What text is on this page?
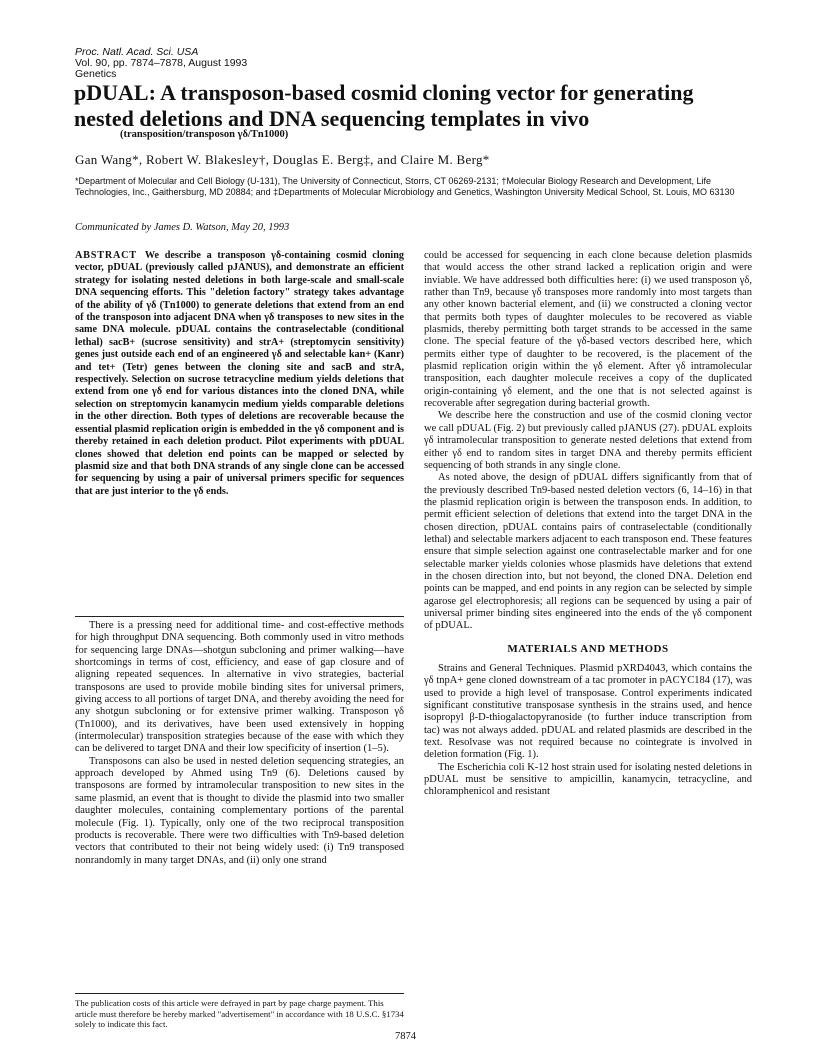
Proc. Natl. Acad. Sci. USA
Vol. 90, pp. 7874–7878, August 1993
Genetics
pDUAL: A transposon-based cosmid cloning vector for generating nested deletions and DNA sequencing templates in vivo
(transposition/transposon γδ/Tn1000)
Gan Wang*, Robert W. Blakesley†, Douglas E. Berg‡, and Claire M. Berg*
*Department of Molecular and Cell Biology (U-131), The University of Connecticut, Storrs, CT 06269-2131; †Molecular Biology Research and Development, Life Technologies, Inc., Gaithersburg, MD 20884; and ‡Departments of Molecular Microbiology and Genetics, Washington University Medical School, St. Louis, MO 63130
Communicated by James D. Watson, May 20, 1993

ABSTRACT We describe a transposon γδ-containing cosmid cloning vector, pDUAL (previously called pJANUS), and demonstrate an efficient strategy for isolating nested deletions in both large-scale and small-scale DNA sequencing efforts. This "deletion factory" strategy takes advantage of the ability of γδ (Tn1000) to generate deletions that extend from an end of the transposon into adjacent DNA when γδ transposes to new sites in the same DNA molecule. pDUAL contains the contraselectable (conditional lethal) sacB+ (sucrose sensitivity) and strA+ (streptomycin sensitivity) genes just outside each end of an engineered γδ and selectable kan+ (Kanr) and tet+ (Tetr) genes between the cloning site and sacB and strA, respectively. Selection on sucrose tetracycline medium yields deletions that extend from one γδ end for various distances into the cloned DNA, while selection on streptomycin kanamycin medium yields comparable deletions in the other direction. Both types of deletions are recoverable because the essential plasmid replication origin is embedded in the γδ component and is thereby retained in each deletion product. Pilot experiments with pDUAL clones showed that deletion end points can be mapped or selected by plasmid size and that both DNA strands of any single clone can be accessed for sequencing by using a pair of universal primers specific for sequences that are just interior to the γδ ends.

There is a pressing need for additional time- and cost-effective methods for high throughput DNA sequencing. Both commonly used in vitro methods for sequencing large DNAs—shotgun subcloning and primer walking—have shortcomings in terms of cost, efficiency, and ease of gap closure and of aligning repeated sequences. In alternative in vivo strategies, bacterial transposons are used to provide mobile binding sites for universal primers, giving access to all portions of target DNA, and thereby avoiding the need for any shotgun subcloning or for extensive primer walking. Transposon γδ (Tn1000), and its derivatives, have been used extensively in hopping (intermolecular) transposition strategies because of the ease with which they can be delivered to target DNA and their low specificity of insertion (1–5).

Transposons can also be used in nested deletion sequencing strategies, an approach developed by Ahmed using Tn9 (6). Deletions caused by transposons are formed by intramolecular transposition to new sites in the same plasmid, an event that is thought to divide the plasmid into two smaller daughter molecules, containing complementary portions of the parental molecule (Fig. 1). Typically, only one of the two reciprocal transposition products is recoverable. There were two difficulties with Tn9-based deletion vectors that contributed to their not being widely used: (i) Tn9 transposed nonrandomly in many target DNAs, and (ii) only one strand

could be accessed for sequencing in each clone because deletion plasmids that would access the other strand lacked a replication origin and were inviable. We have addressed both difficulties here: (i) we used transposon γδ, rather than Tn9, because γδ transposes more randomly into most targets than any other known bacterial element, and (ii) we constructed a cloning vector that permits both types of daughter molecules to be recovered as viable plasmids, thereby permitting both target strands to be accessed in the same clone. The special feature of the γδ-based vectors described here, which permits either type of daughter to be recovered, is the placement of the plasmid replication origin within the γδ element. After γδ intramolecular transposition, each daughter molecule receives a copy of the duplicated origin-containing γδ element, and the one that is not selected against is recoverable after segregation during bacterial growth.

We describe here the construction and use of the cosmid cloning vector we call pDUAL (Fig. 2) but previously called pJANUS (27). pDUAL exploits γδ intramolecular transposition to generate nested deletions that extend from either γδ end to random sites in target DNA and thereby permits efficient sequencing of both strands in any single clone.

As noted above, the design of pDUAL differs significantly from that of the previously described Tn9-based nested deletion vectors (6, 14–16) in that the plasmid replication origin is between the transposon ends. In addition, to permit efficient selection of deletions that extend into the target DNA in the chosen direction, pDUAL contains pairs of contraselectable (conditionally lethal) and selectable markers adjacent to each transposon end. These features ensure that simple selection against one contraselectable marker and for one selectable marker yields colonies whose plasmids have deletions that extend in the chosen direction into, but not beyond, the cloned DNA. Deletion end points can be mapped, and end points in any region can be selected by simple agarose gel electrophoresis; all regions can be sequenced by using a pair of universal primer binding sites engineered into the ends of the γδ component of pDUAL.

MATERIALS AND METHODS

Strains and General Techniques. Plasmid pXRD4043, which contains the γδ tnpA+ gene cloned downstream of a tac promoter in pACYC184 (17), was used to provide a high level of transposase. Control experiments indicated significant constitutive transposase synthesis in the strains used, and hence isopropyl β-D-thiogalactopyranoside (to further induce transcription from tac) was not always added. pDUAL and related plasmids are described in the text. Resolvase was not required because no cointegrate is involved in deletion formation (Fig. 1).

The Escherichia coli K-12 host strain used for isolating nested deletions in pDUAL must be sensitive to ampicillin, kanamycin, tetracycline, and chloramphenicol and resistant

The publication costs of this article were defrayed in part by page charge payment. This article must therefore be hereby marked "advertisement" in accordance with 18 U.S.C. §1734 solely to indicate this fact.
7874
